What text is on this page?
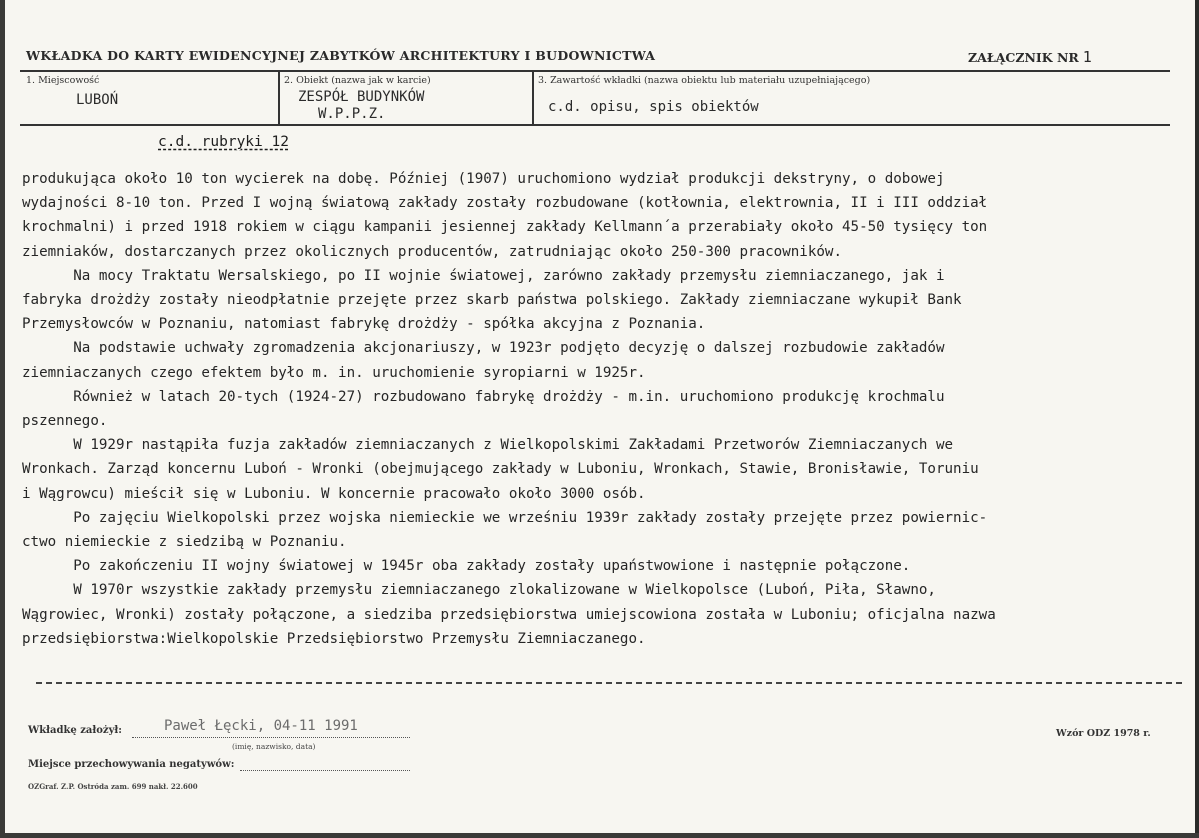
WKŁADKA DO KARTY EWIDENCYJNEJ ZABYTKÓW ARCHITEKTURY I BUDOWNICTWA	ZAŁĄCZNIK NR 1
1. Miejscowość
LUBOŃ
2. Obiekt (nazwa jak w karcie)
ZESPÓŁ BUDYNKÓW
W.P.P.Z.
3. Zawartość wkładki (nazwa obiektu lub materiału uzupełniającego)
c.d. opisu, spis obiektów
c.d. rubryki 12
produkująca około 10 ton wycierek na dobę. Później (1907) uruchomiono wydział produkcji dekstryny, o dobowej
wydajności 8-10 ton. Przed I wojną światową zakłady zostały rozbudowane (kotłownia, elektrownia, II i III oddział
krochmalni) i przed 1918 rokiem w ciągu kampanii jesiennej zakłady Kellmann´a przerabiały około 45-50 tysięcy ton
ziemniaków, dostarczanych przez okolicznych producentów, zatrudniając około 250-300 pracowników.
Na mocy Traktatu Wersalskiego, po II wojnie światowej, zarówno zakłady przemysłu ziemniaczanego, jak i
fabryka drożdży zostały nieodpłatnie przejęte przez skarb państwa polskiego. Zakłady ziemniaczane wykupił Bank
Przemysłowców w Poznaniu, natomiast fabrykę drożdży - spółka akcyjna z Poznania.
Na podstawie uchwały zgromadzenia akcjonariuszy, w 1923r podjęto decyzję o dalszej rozbudowie zakładów
ziemniaczanych czego efektem było m. in. uruchomienie syropiarni w 1925r.
Również w latach 20-tych (1924-27) rozbudowano fabrykę drożdży - m.in. uruchomiono produkcję krochmalu
pszennego.
W 1929r nastąpiła fuzja zakładów ziemniaczanych z Wielkopolskimi Zakładami Przetworów Ziemniaczanych we
Wronkach. Zarząd koncernu Luboń - Wronki (obejmującego zakłady w Luboniu, Wronkach, Stawie, Bronisławie, Toruniu
i Wągrowcu) mieścił się w Luboniu. W koncernie pracowało około 3000 osób.
Po zajęciu Wielkopolski przez wojska niemieckie we wrześniu 1939r zakłady zostały przejęte przez powiernic-
ctwo niemieckie z siedzibą w Poznaniu.
Po zakończeniu II wojny światowej w 1945r oba zakłady zostały upaństwowione i następnie połączone.
W 1970r wszystkie zakłady przemysłu ziemniaczanego zlokalizowane w Wielkopolsce (Luboń, Piła, Sławno,
Wągrowiec, Wronki) zostały połączone, a siedziba przedsiębiorstwa umiejscowiona została w Luboniu; oficjalna nazwa
przedsiębiorstwa:Wielkopolskie Przedsiębiorstwo Przemysłu Ziemniaczanego.
Wkładkę założył:	Paweł Łęcki, 04-11 1991
(imię, nazwisko, data)
Miejsce przechowywania negatywów:
OZGraf. Z.P. Ostróda zam. 699 nakł. 22.600
Wzór ODZ 1978 r.
